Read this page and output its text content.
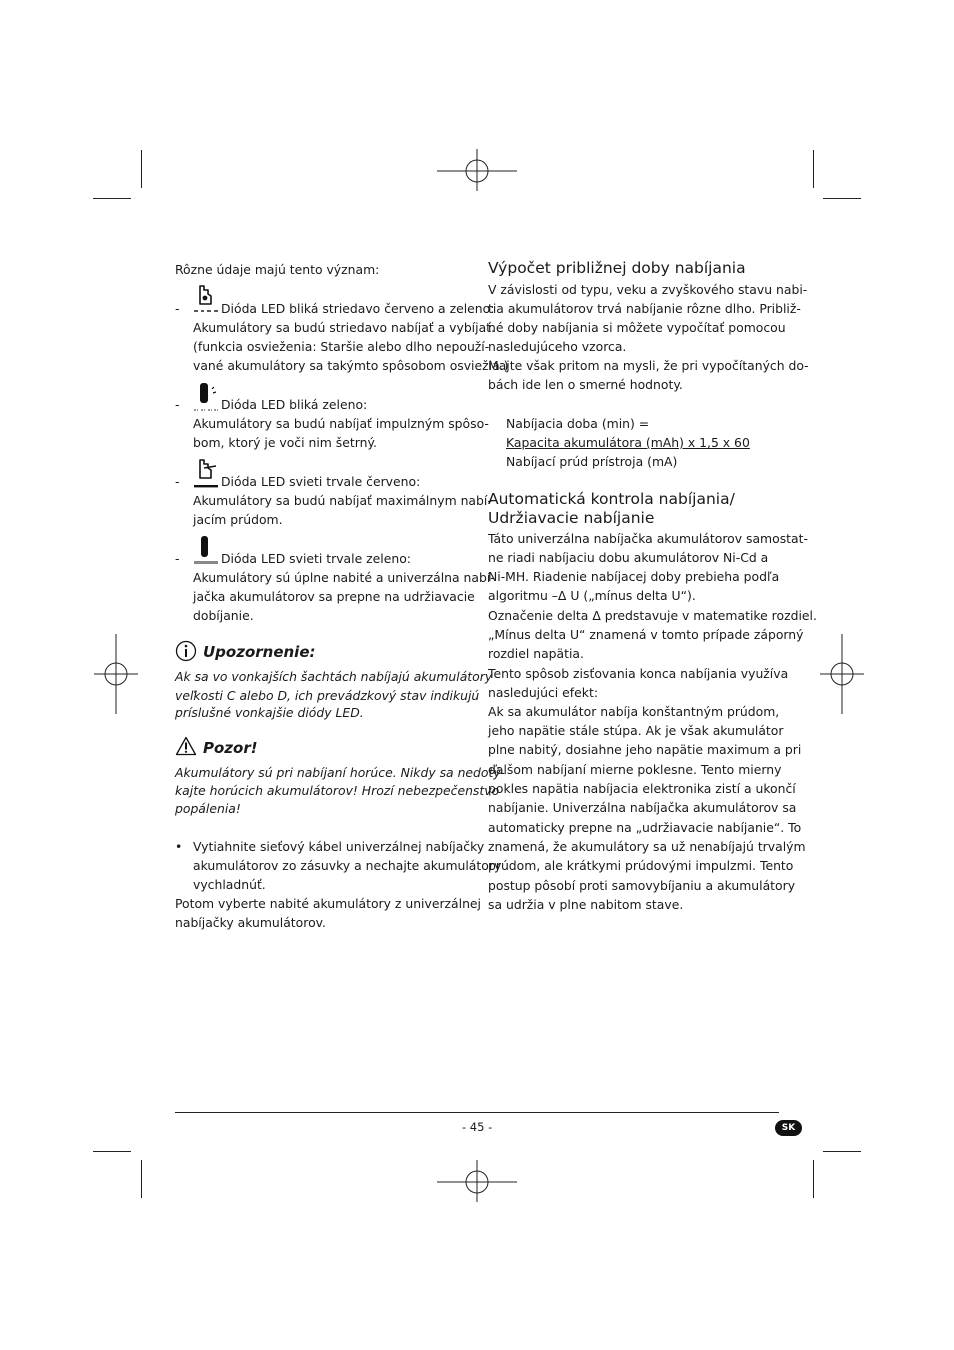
Rôzne údaje majú tento význam:
-	Dióda LED bliká striedavo červeno a zeleno:
Akumulátory sa budú striedavo nabíjať a vybíjať.
(funkcia osvieženia: Staršie alebo dlho nepouží-
vané akumulátory sa takýmto spôsobom osviežia.)
-	Dióda LED bliká zeleno:
Akumulátory sa budú nabíjať impulzným spôso-
bom, ktorý je voči nim šetrný.
-	Dióda LED svieti trvale červeno:
Akumulátory sa budú nabíjať maximálnym nabí-
jacím prúdom.
-	Dióda LED svieti trvale zeleno:
Akumulátory sú úplne nabité a univerzálna nabí-
jačka akumulátorov sa prepne na udržiavacie
dobíjanie.
Upozornenie:
Ak sa vo vonkajších šachtách nabíjajú akumulátory
veľkosti C alebo D, ich prevádzkový stav indikujú
príslušné vonkajšie diódy LED.
Pozor!
Akumulátory sú pri nabíjaní horúce. Nikdy sa nedotý-
kajte horúcich akumulátorov! Hrozí nebezpečenstvo
popálenia!
• Vytiahnite sieťový kábel univerzálnej nabíjačky
akumulátorov zo zásuvky a nechajte akumulátory
vychladnúť.
Potom vyberte nabité akumulátory z univerzálnej
nabíjačky akumulátorov.
Výpočet približnej doby nabíjania
V závislosti od typu, veku a zvyškového stavu nabi-
tia akumulátorov trvá nabíjanie rôzne dlho. Približ-
né doby nabíjania si môžete vypočítať pomocou
nasledujúceho vzorca.
Majte však pritom na mysli, že pri vypočítaných do-
bách ide len o smerné hodnoty.
Nabíjacia doba (min) =
Kapacita akumulátora (mAh) x 1,5 x 60
Nabíjací prúd prístroja (mA)
Automatická kontrola nabíjania/
Udržiavacie nabíjanie
Táto univerzálna nabíjačka akumulátorov samostat-
ne riadi nabíjaciu dobu akumulátorov Ni-Cd a
Ni-MH. Riadenie nabíjacej doby prebieha podľa
algoritmu –Δ U („mínus delta U“).
Označenie delta Δ predstavuje v matematike rozdiel.
„Mínus delta U“ znamená v tomto prípade záporný
rozdiel napätia.
Tento spôsob zisťovania konca nabíjania využíva
nasledujúci efekt:
Ak sa akumulátor nabíja konštantným prúdom,
jeho napätie stále stúpa. Ak je však akumulátor
plne nabitý, dosiahne jeho napätie maximum a pri
ďalšom nabíjaní mierne poklesne. Tento mierny
pokles napätia nabíjacia elektronika zistí a ukončí
nabíjanie. Univerzálna nabíjačka akumulátorov sa
automaticky prepne na „udržiavacie nabíjanie“. To
znamená, že akumulátory sa už nenabíjajú trvalým
prúdom, ale krátkymi prúdovými impulzmi. Tento
postup pôsobí proti samovybíjaniu a akumulátory
sa udržia v plne nabitom stave.
- 45 -	SK
